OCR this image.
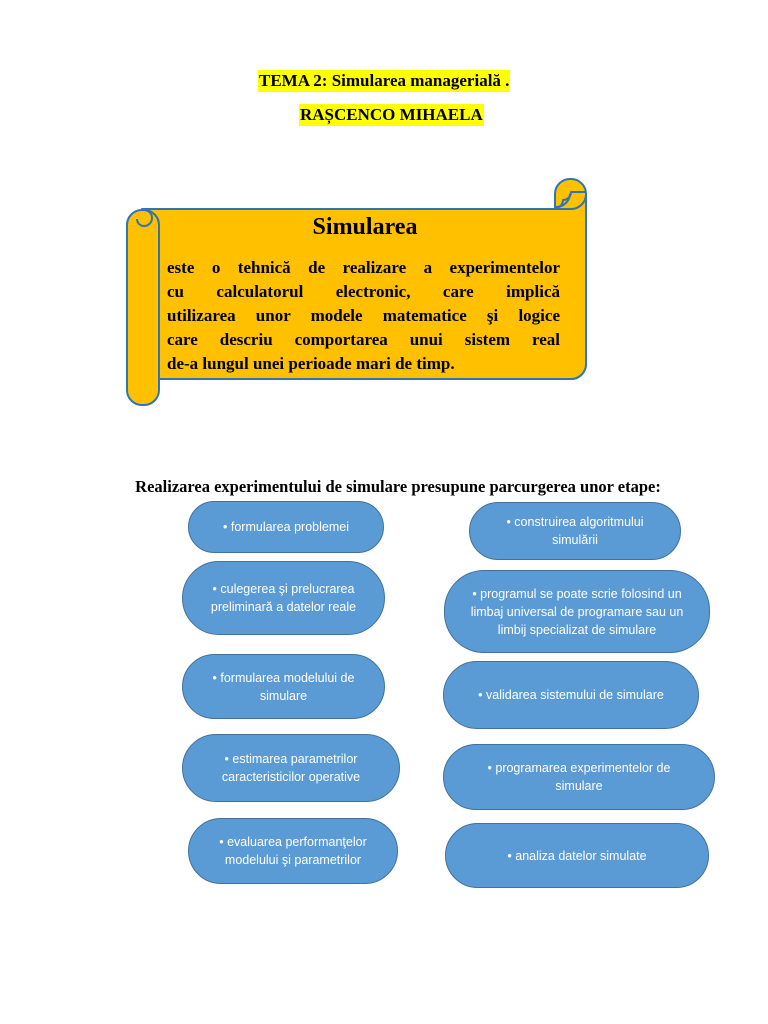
TEMA 2: Simularea managerială .
RAȘCENCO MIHAELA
Simularea
este o tehnică de realizare a experimentelor
cu calculatorul electronic, care implică
utilizarea unor modele matematice şi logice
care descriu comportarea unui sistem real
de-a lungul unei perioade mari de timp.
Realizarea experimentului de simulare presupune parcurgerea unor etape:
• formularea problemei
• culegerea şi prelucrarea preliminară a datelor reale
• formularea modelului de simulare
• estimarea parametrilor caracteristicilor operative
• evaluarea performanţelor modelului şi parametrilor
• construirea algoritmului simulării
• programul se poate scrie folosind un limbaj universal de programare sau un limbij specializat de simulare
• validarea sistemului de simulare
• programarea experimentelor de simulare
• analiza datelor simulate
